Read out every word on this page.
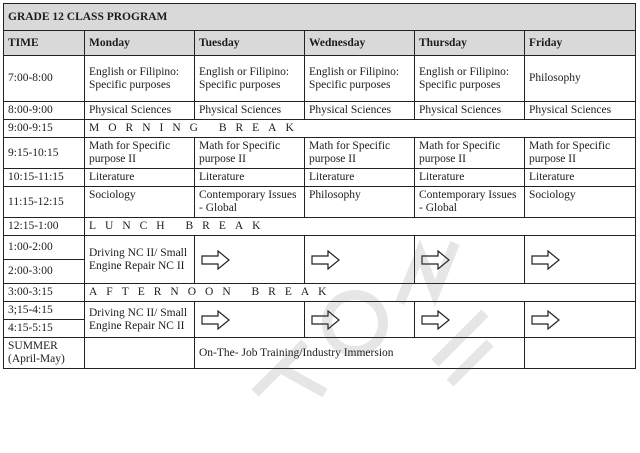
GRADE 12 CLASS PROGRAM					
TIME	Monday	Tuesday	Wednesday	Thursday	Friday
7:00-8:00	English or Filipino: Specific purposes	English or Filipino: Specific purposes	English or Filipino: Specific purposes	English or Filipino: Specific purposes	Philosophy
8:00-9:00	Physical Sciences	Physical Sciences	Physical Sciences	Physical Sciences	Physical Sciences
9:00-9:15	MORNING BREAK				
9:15-10:15	Math for Specific purpose II	Math for Specific purpose II	Math for Specific purpose II	Math for Specific purpose II	Math for Specific purpose II
10:15-11:15	Literature	Literature	Literature	Literature	Literature
11:15-12:15	Sociology	Contemporary Issues - Global	Philosophy	Contemporary Issues - Global	Sociology
12:15-1:00	LUNCH BREAK				
1:00-2:00	Driving NC II/ Small Engine Repair NC II	

2:00-3:00					
3:00-3:15	AFTERNOON BREAK				
3;15-4:15	Driving NC II/ Small Engine Repair NC II	

4:15-5:15					
SUMMER (April-May)		On-The- Job Training/Industry Immersion			
